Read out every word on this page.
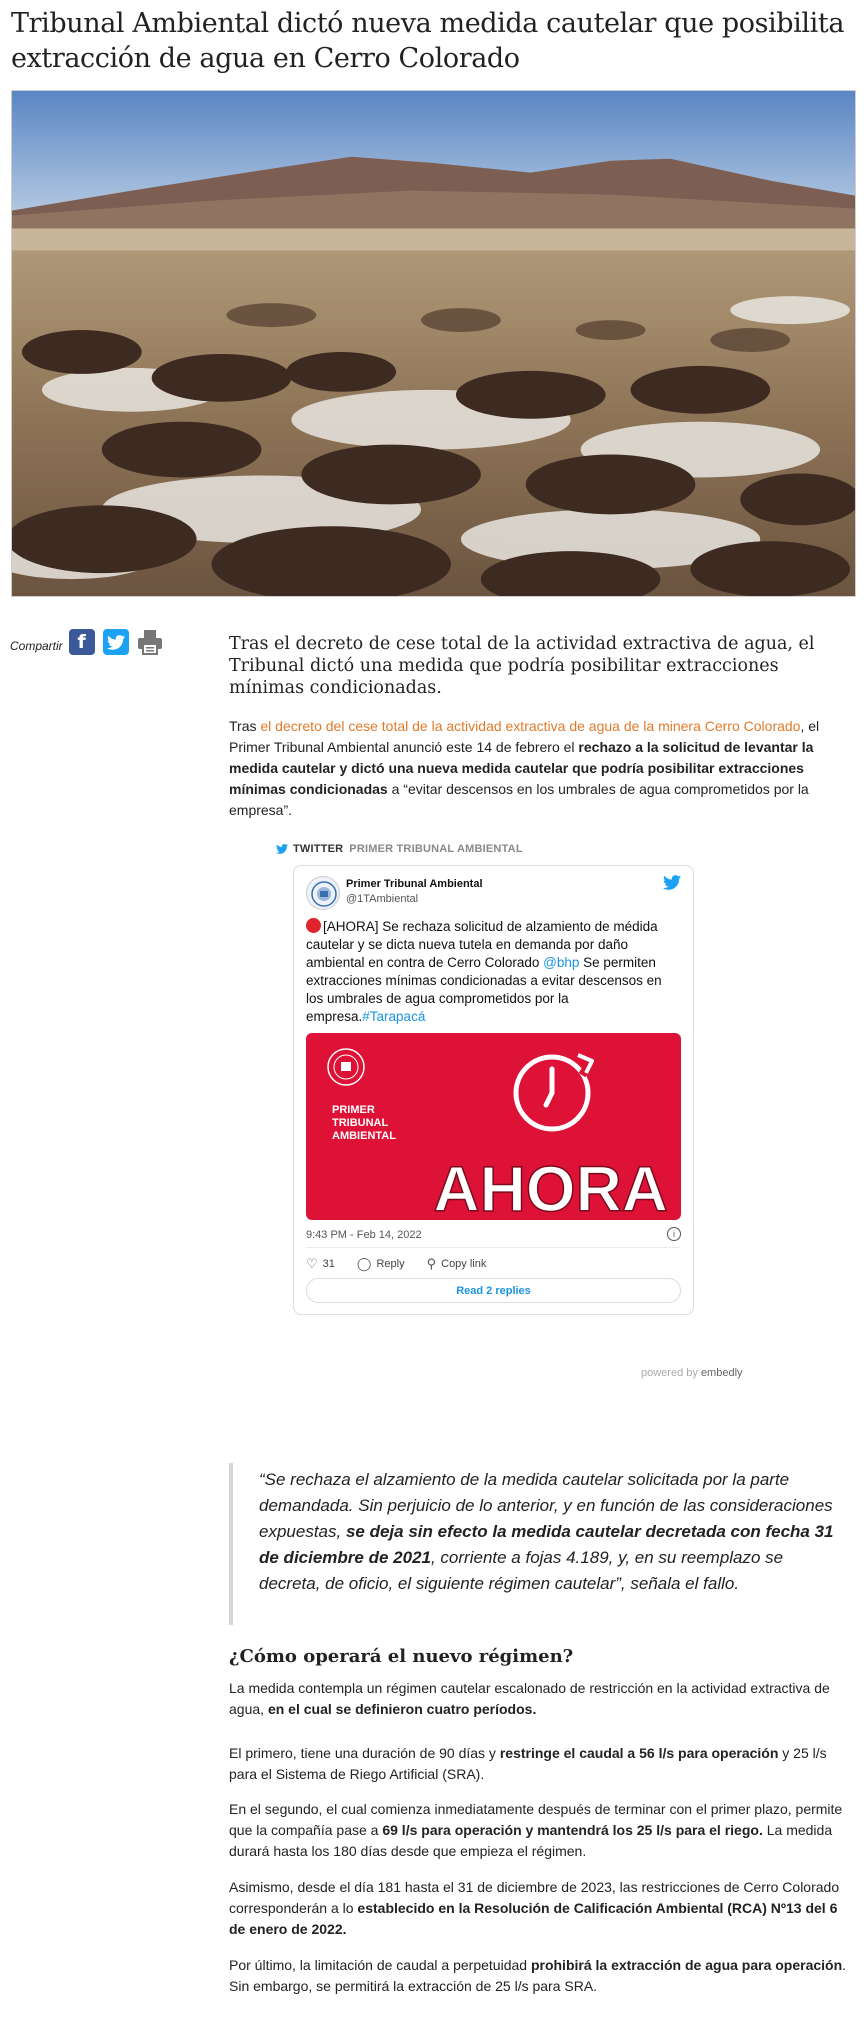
Tribunal Ambiental dictó nueva medida cautelar que posibilita extracción de agua en Cerro Colorado
Compartir f	Tras el decreto de cese total de la actividad extractiva de agua, el Tribunal dictó una medida que podría posibilitar extracciones mínimas condicionadas.

Tras el decreto del cese total de la actividad extractiva de agua de la minera Cerro Colorado, el Primer Tribunal Ambiental anunció este 14 de febrero el rechazo a la solicitud de levantar la medida cautelar y dictó una nueva medida cautelar que podría posibilitar extracciones mínimas condicionadas a “evitar descensos en los umbrales de agua comprometidos por la empresa”.

TWITTER PRIMER TRIBUNAL AMBIENTAL
Primer Tribunal Ambiental
@1TAmbiental
[AHORA] Se rechaza solicitud de alzamiento de médida cautelar y se dicta nueva tutela en demanda por daño ambiental en contra de Cerro Colorado @bhp Se permiten extracciones mínimas condicionadas a evitar descensos en los umbrales de agua comprometidos por la empresa.#Tarapacá
PRIMER
TRIBUNAL
AMBIENTAL
AHORA
9:43 PM - Feb 14, 2022	i
♡ 31 ◯ Reply ⚲ Copy link
Read 2 replies
powered by embedly
“Se rechaza el alzamiento de la medida cautelar solicitada por la parte demandada. Sin perjuicio de lo anterior, y en función de las consideraciones expuestas, se deja sin efecto la medida cautelar decretada con fecha 31 de diciembre de 2021, corriente a fojas 4.189, y, en su reemplazo se decreta, de oficio, el siguiente régimen cautelar”, señala el fallo.
¿Cómo operará el nuevo régimen?

La medida contempla un régimen cautelar escalonado de restricción en la actividad extractiva de agua, en el cual se definieron cuatro períodos.

El primero, tiene una duración de 90 días y restringe el caudal a 56 l/s para operación y 25 l/s para el Sistema de Riego Artificial (SRA).

En el segundo, el cual comienza inmediatamente después de terminar con el primer plazo, permite que la compañía pase a 69 l/s para operación y mantendrá los 25 l/s para el riego. La medida durará hasta los 180 días desde que empieza el régimen.

Asimismo, desde el día 181 hasta el 31 de diciembre de 2023, las restricciones de Cerro Colorado corresponderán a lo establecido en la Resolución de Calificación Ambiental (RCA) Nº13 del 6 de enero de 2022.

Por último, la limitación de caudal a perpetuidad prohibirá la extracción de agua para operación. Sin embargo, se permitirá la extracción de 25 l/s para SRA.
